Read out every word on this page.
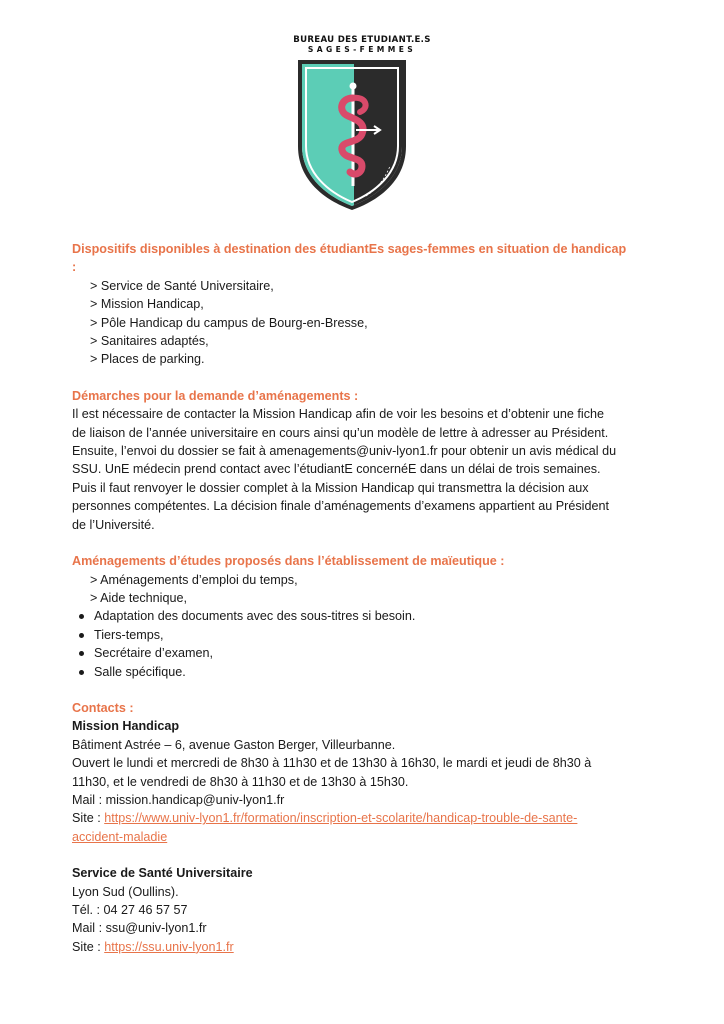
BUREAU DES ETUDIANT.E.S
SAGES-FEMMES
Dispositifs disponibles à destination des étudiantEs sages-femmes en situation de handicap :
> Service de Santé Universitaire,
> Mission Handicap,
> Pôle Handicap du campus de Bourg-en-Bresse,
> Sanitaires adaptés,
> Places de parking.
Démarches pour la demande d’aménagements :
Il est nécessaire de contacter la Mission Handicap afin de voir les besoins et d’obtenir une fiche
de liaison de l’année universitaire en cours ainsi qu’un modèle de lettre à adresser au Président.
Ensuite, l’envoi du dossier se fait à amenagements@univ-lyon1.fr pour obtenir un avis médical du
SSU. UnE médecin prend contact avec l’étudiantE concernéE dans un délai de trois semaines.
Puis il faut renvoyer le dossier complet à la Mission Handicap qui transmettra la décision aux
personnes compétentes. La décision finale d’aménagements d’examens appartient au Président
de l’Université.
Aménagements d’études proposés dans l’établissement de maïeutique :
> Aménagements d’emploi du temps,
> Aide technique,
Adaptation des documents avec des sous-titres si besoin.
Tiers-temps,
Secrétaire d’examen,
Salle spécifique.
Contacts :
Mission Handicap
Bâtiment Astrée – 6, avenue Gaston Berger, Villeurbanne.
Ouvert le lundi et mercredi de 8h30 à 11h30 et de 13h30 à 16h30, le mardi et jeudi de 8h30 à
11h30, et le vendredi de 8h30 à 11h30 et de 13h30 à 15h30.
Mail : mission.handicap@univ-lyon1.fr
Site : https://www.univ-lyon1.fr/formation/inscription-et-scolarite/handicap-trouble-de-sante-
accident-maladie
Service de Santé Universitaire
Lyon Sud (Oullins).
Tél. : 04 27 46 57 57
Mail : ssu@univ-lyon1.fr
Site : https://ssu.univ-lyon1.fr
